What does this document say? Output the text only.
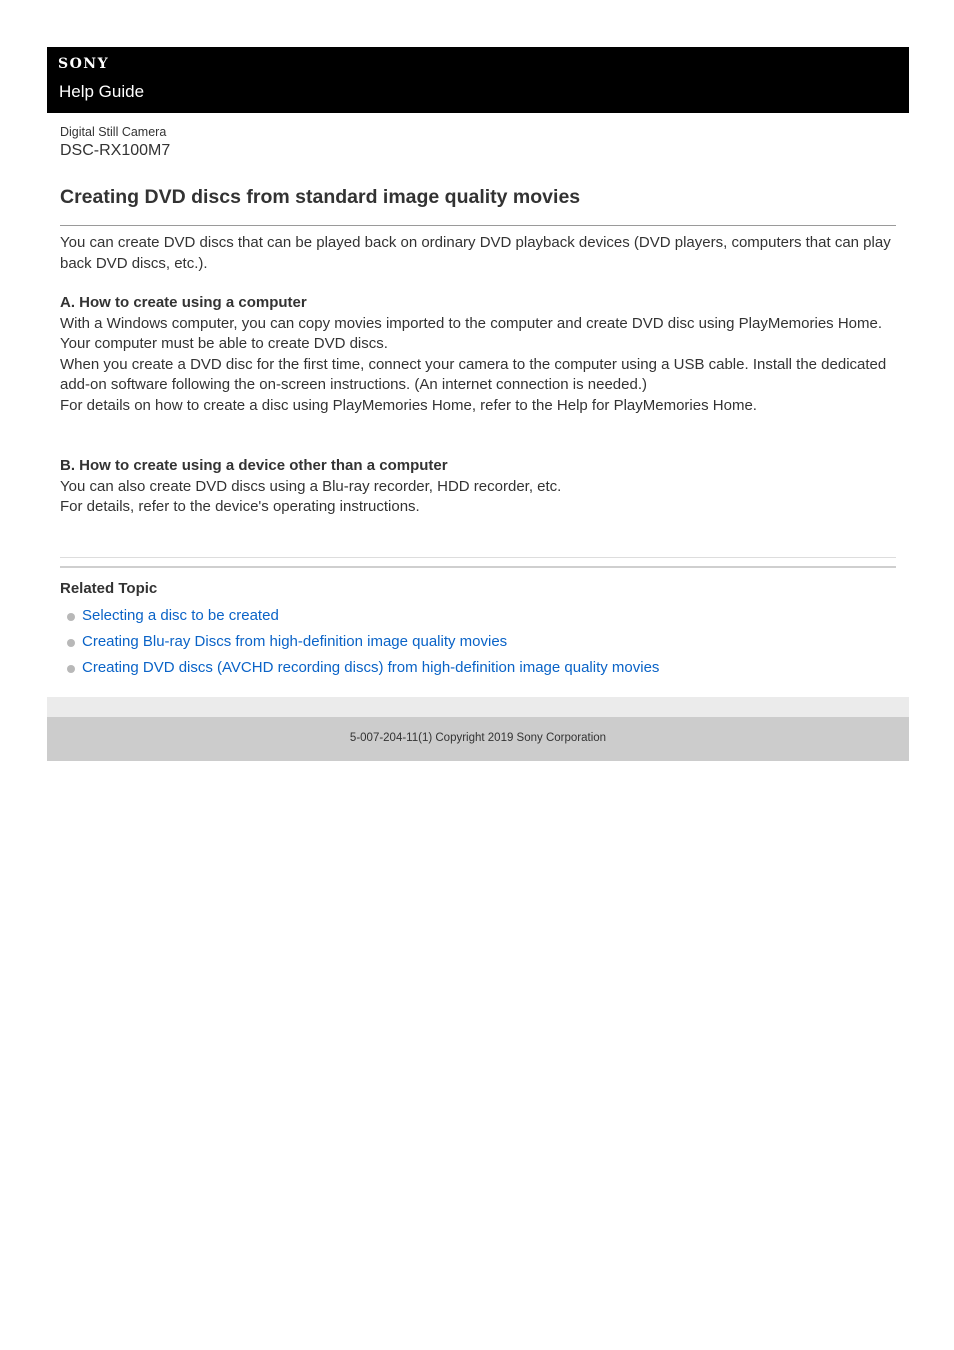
SONY
Help Guide
Digital Still Camera
DSC-RX100M7
Creating DVD discs from standard image quality movies
You can create DVD discs that can be played back on ordinary DVD playback devices (DVD players, computers that can play back DVD discs, etc.).
A. How to create using a computer
With a Windows computer, you can copy movies imported to the computer and create DVD disc using PlayMemories Home.
Your computer must be able to create DVD discs.
When you create a DVD disc for the first time, connect your camera to the computer using a USB cable. Install the dedicated add-on software following the on-screen instructions. (An internet connection is needed.)
For details on how to create a disc using PlayMemories Home, refer to the Help for PlayMemories Home.
B. How to create using a device other than a computer
You can also create DVD discs using a Blu-ray recorder, HDD recorder, etc.
For details, refer to the device's operating instructions.
Related Topic
Selecting a disc to be created
Creating Blu-ray Discs from high-definition image quality movies
Creating DVD discs (AVCHD recording discs) from high-definition image quality movies
5-007-204-11(1) Copyright 2019 Sony Corporation
